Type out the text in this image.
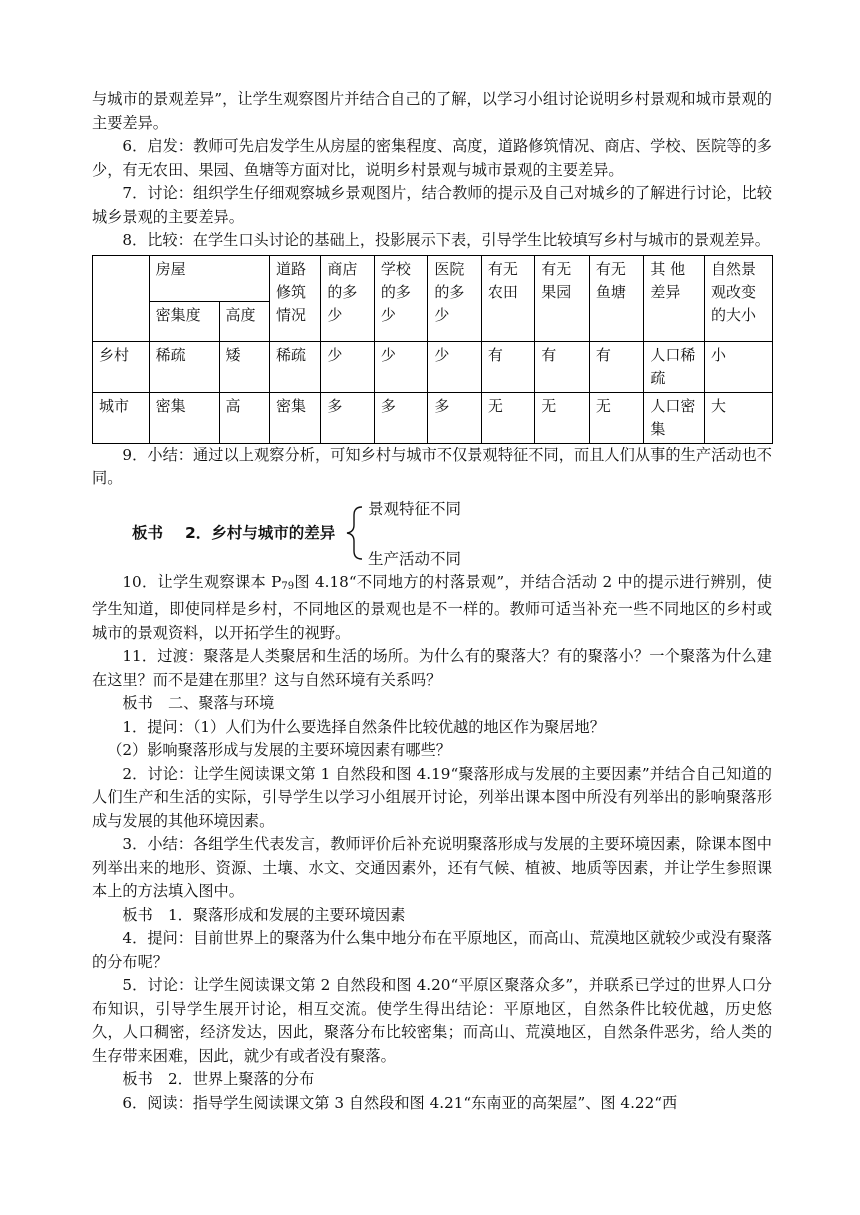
与城市的景观差异”，让学生观察图片并结合自己的了解，以学习小组讨论说明乡村景观和城市景观的主要差异。

6．启发：教师可先启发学生从房屋的密集程度、高度，道路修筑情况、商店、学校、医院等的多少，有无农田、果园、鱼塘等方面对比，说明乡村景观与城市景观的主要差异。

7．讨论：组织学生仔细观察城乡景观图片，结合教师的提示及自己对城乡的了解进行讨论，比较城乡景观的主要差异。

8．比较：在学生口头讨论的基础上，投影展示下表，引导学生比较填写乡村与城市的景观差异。

	房屋		道路修筑情况	商店的多少	学校的多少	医院的多少	有无农田	有无果园	有无鱼塘	其 他差异	自然景观改变的大小
	密集度	高度									
乡村	稀疏	矮	稀疏	少	少	少	有	有	有	人口稀疏	小
城市	密集	高	密集	多	多	多	无	无	无	人口密集	大

9．小结：通过以上观察分析，可知乡村与城市不仅景观特征不同，而且人们从事的生产活动也不同。

板书 2．乡村与城市的差异
景观特征不同
生产活动不同

10．让学生观察课本 $P_{79}$图 4.18“不同地方的村落景观”，并结合活动 2 中的提示进行辨别，使学生知道，即使同样是乡村，不同地区的景观也是不一样的。教师可适当补充一些不同地区的乡村或城市的景观资料，以开拓学生的视野。

11．过渡：聚落是人类聚居和生活的场所。为什么有的聚落大？有的聚落小？一个聚落为什么建在这里？而不是建在那里？这与自然环境有关系吗？

板书　二、聚落与环境

1．提问：（1）人们为什么要选择自然条件比较优越的地区作为聚居地？

（2）影响聚落形成与发展的主要环境因素有哪些？

2．讨论：让学生阅读课文第 1 自然段和图 4.19“聚落形成与发展的主要因素”并结合自己知道的人们生产和生活的实际，引导学生以学习小组展开讨论，列举出课本图中所没有列举出的影响聚落形成与发展的其他环境因素。

3．小结：各组学生代表发言，教师评价后补充说明聚落形成与发展的主要环境因素，除课本图中列举出来的地形、资源、土壤、水文、交通因素外，还有气候、植被、地质等因素，并让学生参照课本上的方法填入图中。

板书　1．聚落形成和发展的主要环境因素

4．提问：目前世界上的聚落为什么集中地分布在平原地区，而高山、荒漠地区就较少或没有聚落的分布呢？

5．讨论：让学生阅读课文第 2 自然段和图 4.20“平原区聚落众多”，并联系已学过的世界人口分布知识，引导学生展开讨论，相互交流。使学生得出结论：平原地区，自然条件比较优越，历史悠久，人口稠密，经济发达，因此，聚落分布比较密集；而高山、荒漠地区，自然条件恶劣，给人类的生存带来困难，因此，就少有或者没有聚落。

板书　2．世界上聚落的分布

6．阅读：指导学生阅读课文第 3 自然段和图 4.21“东南亚的高架屋”、图 4.22“西
